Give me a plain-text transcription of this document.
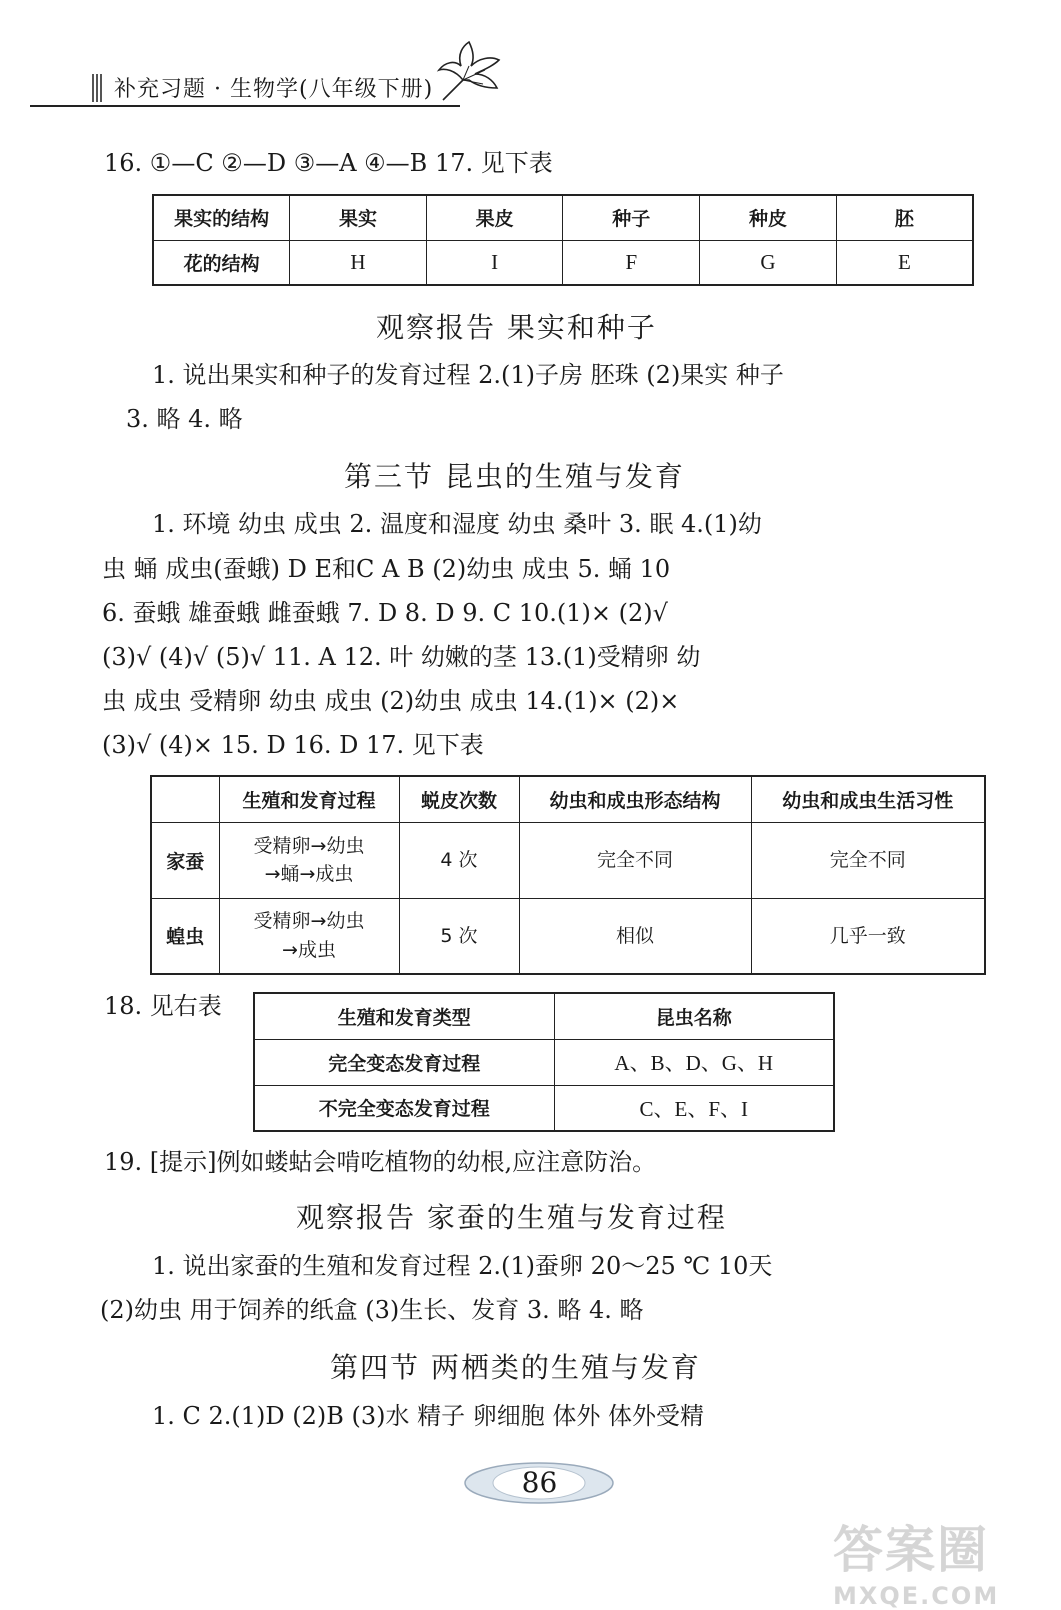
补充习题 · 生物学(八年级下册)
16. ①—C ②—D ③—A ④—B 17. 见下表
果实的结构	果实	果皮	种子	种皮	胚
花的结构	H	I	F	G	E
观察报告 果实和种子
1. 说出果实和种子的发育过程 2.(1)子房 胚珠 (2)果实 种子
3. 略 4. 略
第三节 昆虫的生殖与发育
1. 环境 幼虫 成虫 2. 温度和湿度 幼虫 桑叶 3. 眠 4.(1)幼
虫 蛹 成虫(蚕蛾) D E和C A B (2)幼虫 成虫 5. 蛹 10
6. 蚕蛾 雄蚕蛾 雌蚕蛾 7. D 8. D 9. C 10.(1)× (2)√
(3)√ (4)√ (5)√ 11. A 12. 叶 幼嫩的茎 13.(1)受精卵 幼
虫 成虫 受精卵 幼虫 成虫 (2)幼虫 成虫 14.(1)× (2)×
(3)√ (4)× 15. D 16. D 17. 见下表
	生殖和发育过程	蜕皮次数	幼虫和成虫形态结构	幼虫和成虫生活习性
家蚕	受精卵→幼虫
→蛹→成虫	4 次	完全不同	完全不同
蝗虫	受精卵→幼虫
→成虫	5 次	相似	几乎一致
18. 见右表	生殖和发育类型	昆虫名称
完全变态发育过程	A、B、D、G、H
不完全变态发育过程	C、E、F、I
19. [提示]例如蝼蛄会啃吃植物的幼根,应注意防治。
观察报告 家蚕的生殖与发育过程
1. 说出家蚕的生殖和发育过程 2.(1)蚕卵 20～25 ℃ 10天
(2)幼虫 用于饲养的纸盒 (3)生长、发育 3. 略 4. 略
第四节 两栖类的生殖与发育
1. C 2.(1)D (2)B (3)水 精子 卵细胞 体外 体外受精
86
答案圈
MXQE.COM
